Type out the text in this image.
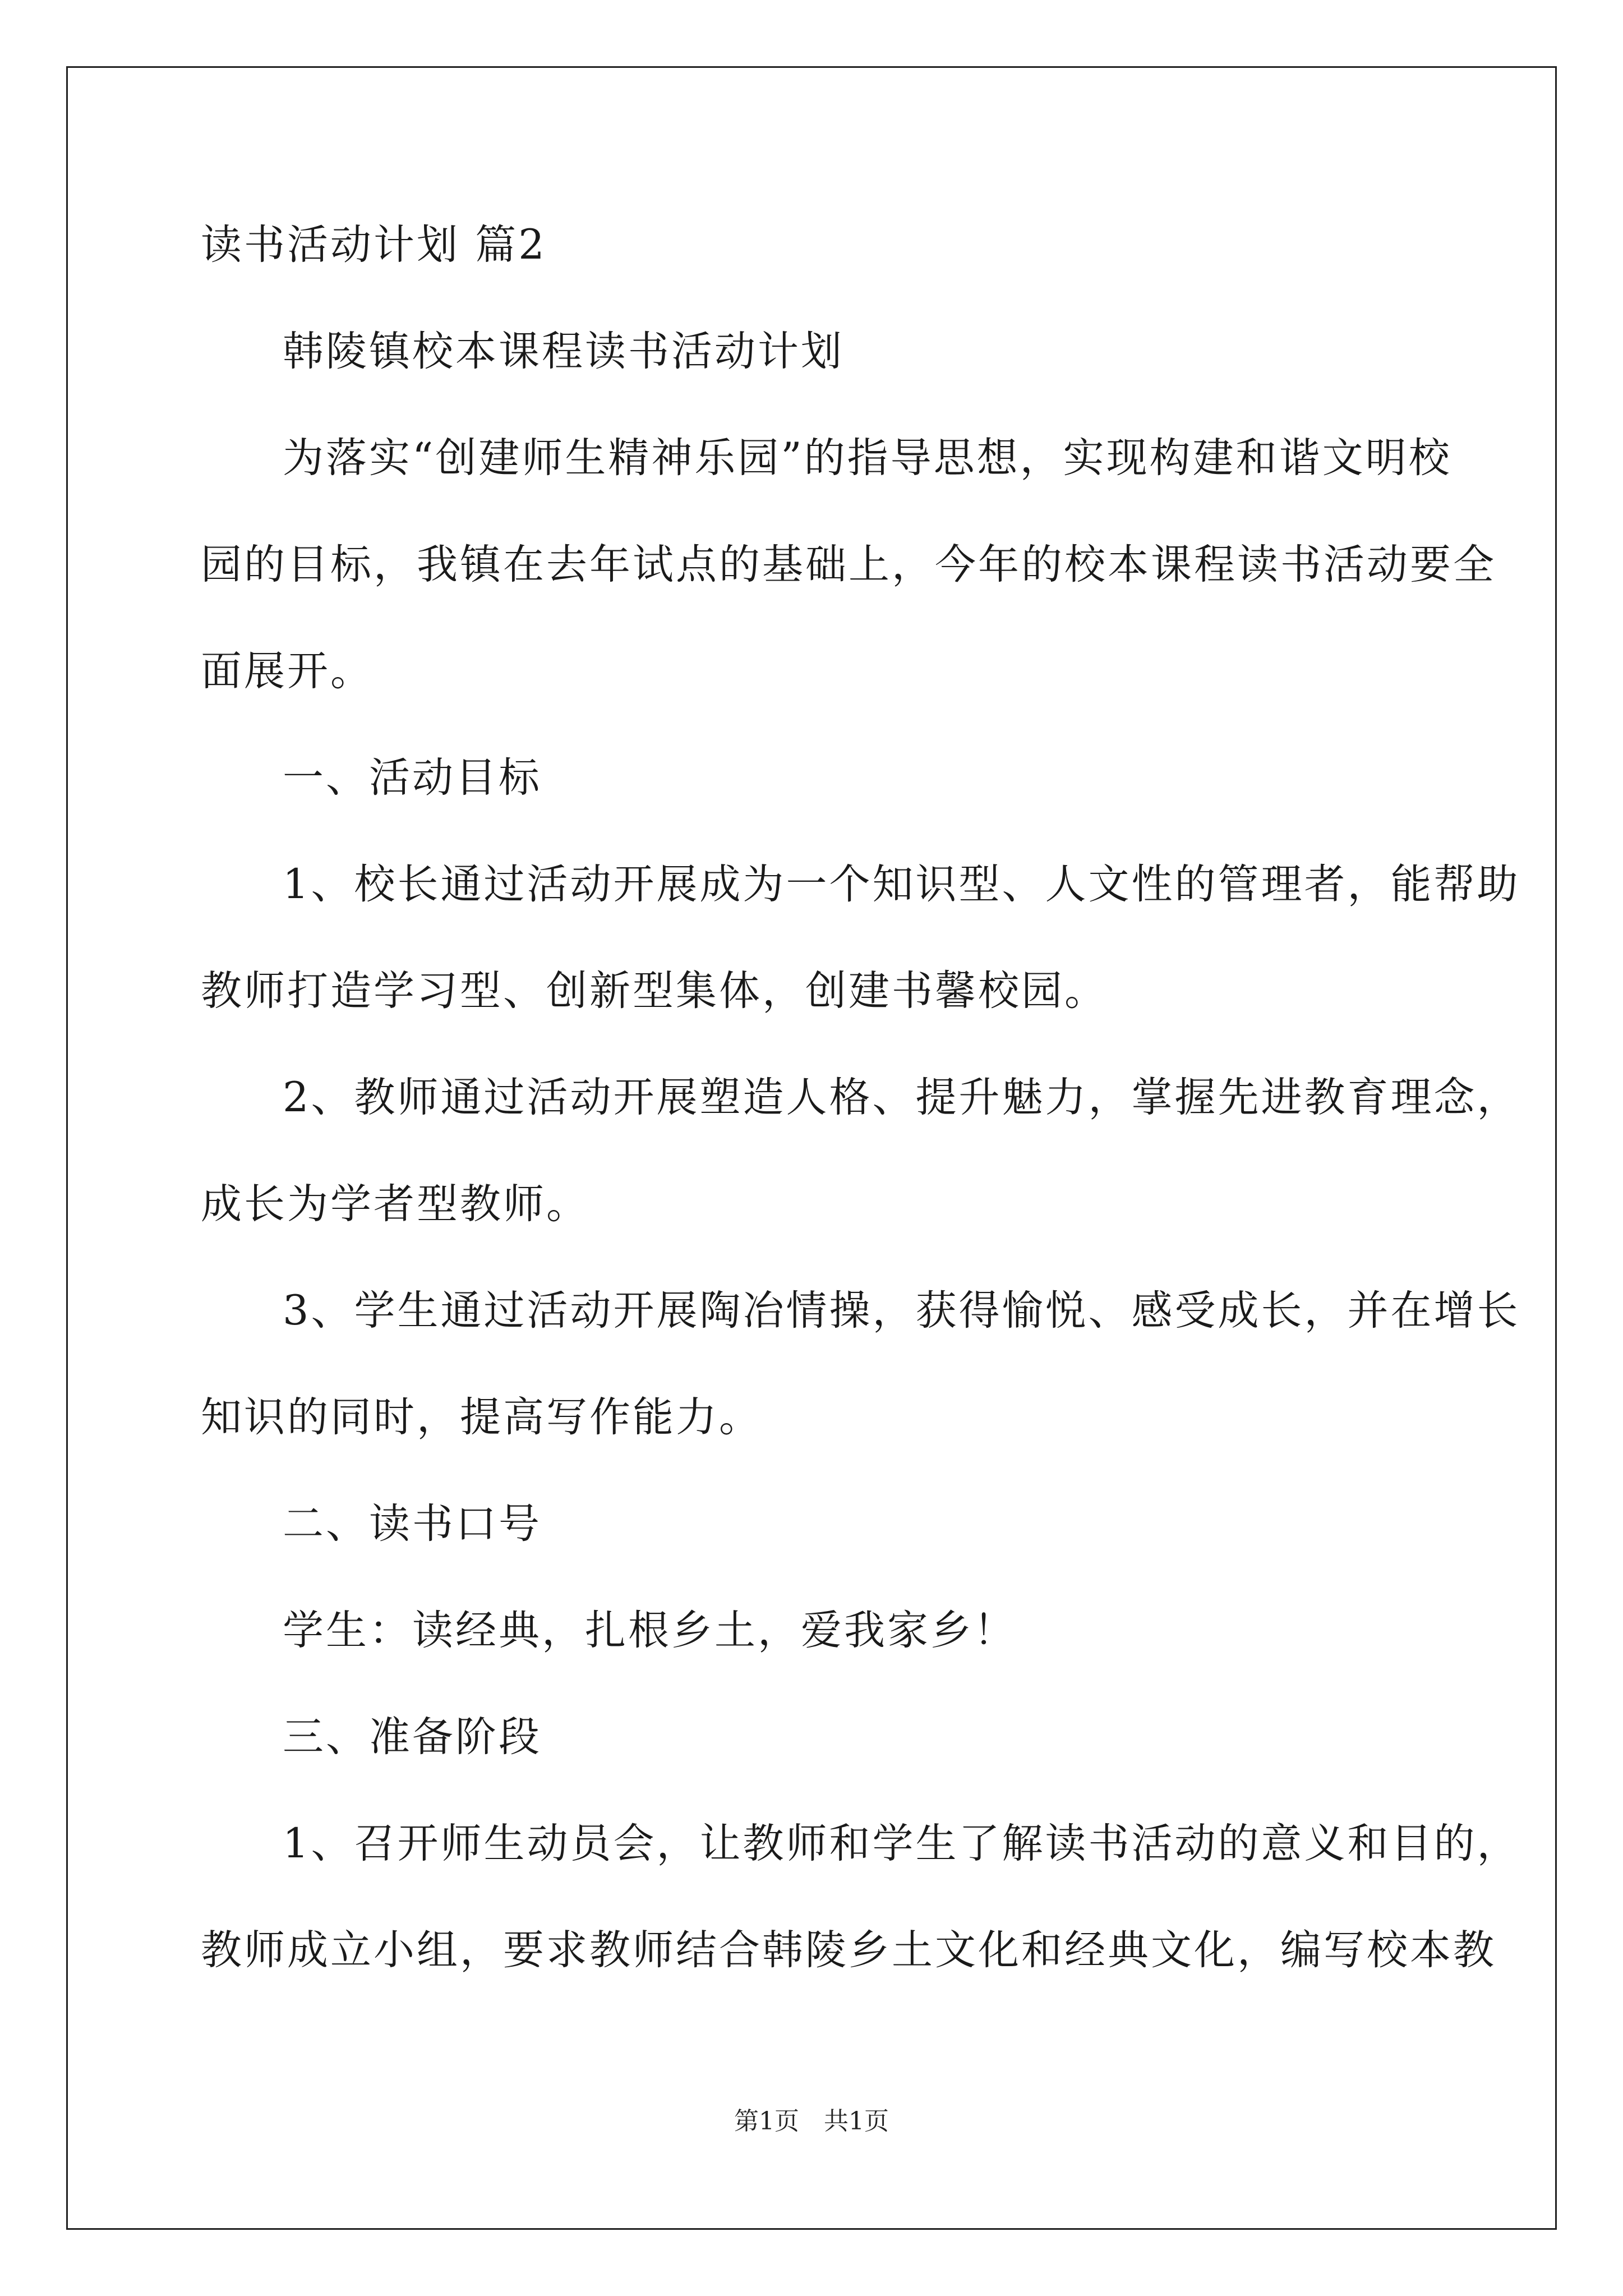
读书活动计划 篇2
韩陵镇校本课程读书活动计划
为落实“创建师生精神乐园”的指导思想，实现构建和谐文明校
园的目标，我镇在去年试点的基础上，今年的校本课程读书活动要全
面展开。
一、活动目标
1、校长通过活动开展成为一个知识型、人文性的管理者，能帮助
教师打造学习型、创新型集体，创建书馨校园。
2、教师通过活动开展塑造人格、提升魅力，掌握先进教育理念，
成长为学者型教师。
3、学生通过活动开展陶冶情操，获得愉悦、感受成长，并在增长
知识的同时，提高写作能力。
二、读书口号
学生：读经典，扎根乡土，爱我家乡！
三、准备阶段
1、召开师生动员会，让教师和学生了解读书活动的意义和目的，
教师成立小组，要求教师结合韩陵乡土文化和经典文化，编写校本教
第1页　共1页
